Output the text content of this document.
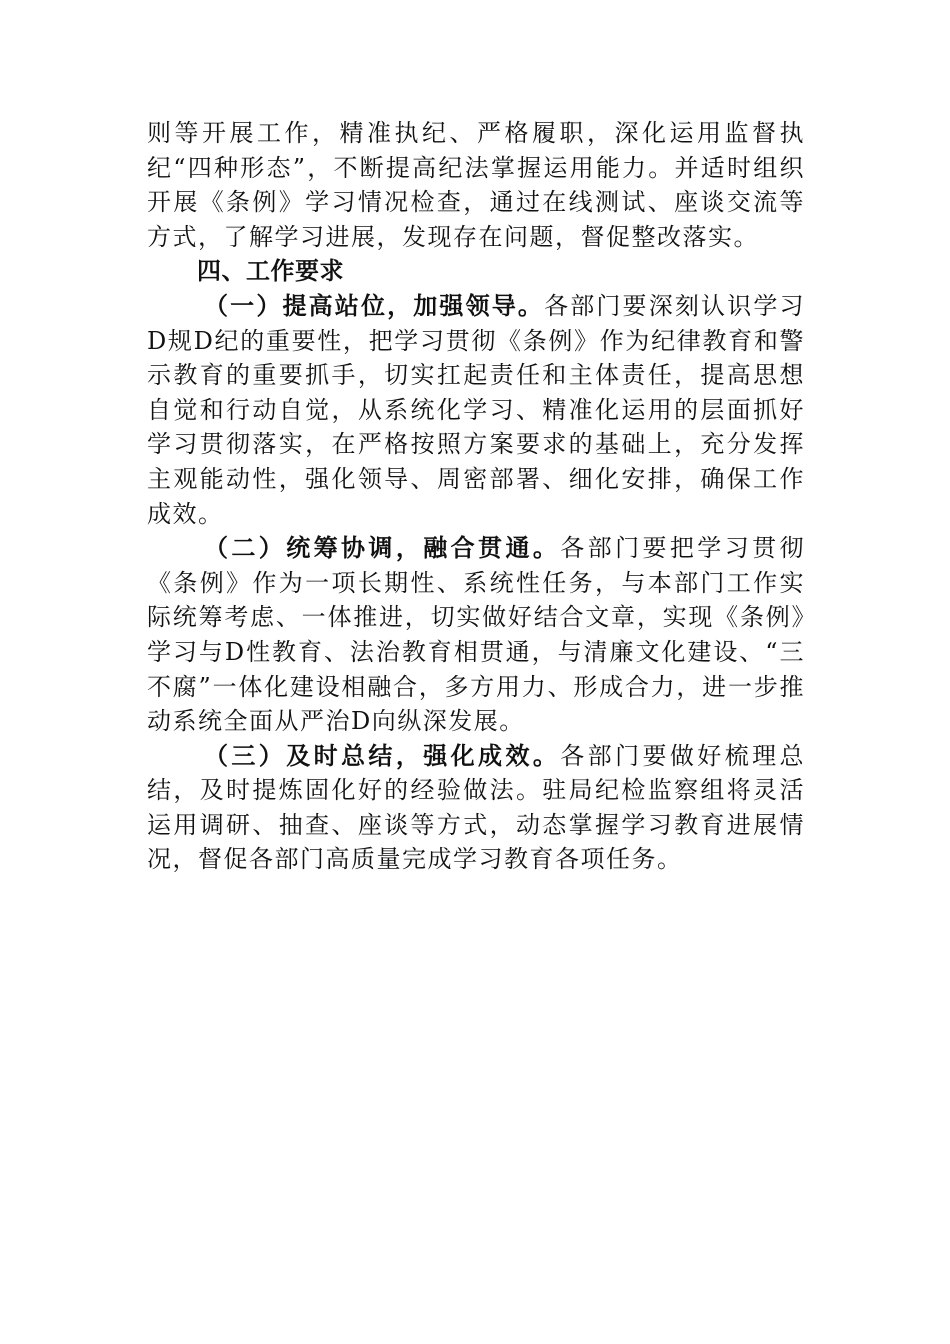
则等开展工作，精准执纪、严格履职，深化运用监督执纪“四种形态”，不断提高纪法掌握运用能力。并适时组织开展《条例》学习情况检查，通过在线测试、座谈交流等方式，了解学习进展，发现存在问题，督促整改落实。

四、工作要求

（一）提高站位，加强领导。各部门要深刻认识学习D规D纪的重要性，把学习贯彻《条例》作为纪律教育和警示教育的重要抓手，切实扛起责任和主体责任，提高思想自觉和行动自觉，从系统化学习、精准化运用的层面抓好学习贯彻落实，在严格按照方案要求的基础上，充分发挥主观能动性，强化领导、周密部署、细化安排，确保工作成效。

（二）统筹协调，融合贯通。各部门要把学习贯彻《条例》作为一项长期性、系统性任务，与本部门工作实际统筹考虑、一体推进，切实做好结合文章，实现《条例》学习与D性教育、法治教育相贯通，与清廉文化建设、“三不腐”一体化建设相融合，多方用力、形成合力，进一步推动系统全面从严治D向纵深发展。

（三）及时总结，强化成效。各部门要做好梳理总结，及时提炼固化好的经验做法。驻局纪检监察组将灵活运用调研、抽查、座谈等方式，动态掌握学习教育进展情况，督促各部门高质量完成学习教育各项任务。
